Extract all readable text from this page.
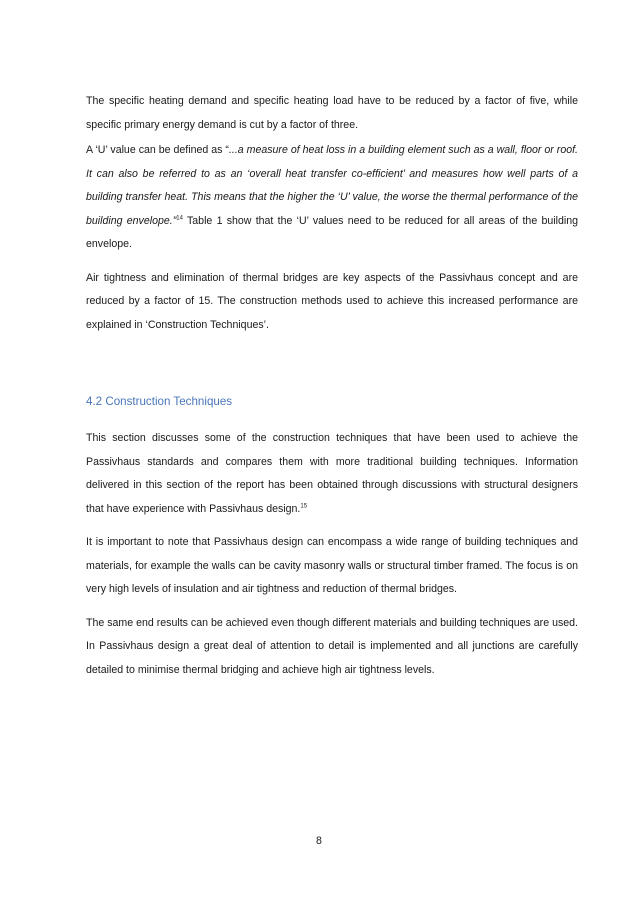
The specific heating demand and specific heating load have to be reduced by a factor of five, while specific primary energy demand is cut by a factor of three.

A ‘U’ value can be defined as “...a measure of heat loss in a building element such as a wall, floor or roof. It can also be referred to as an ‘overall heat transfer co-efficient’ and measures how well parts of a building transfer heat. This means that the higher the ‘U’ value, the worse the thermal performance of the building envelope.”$^{14}$ Table 1 show that the ‘U’ values need to be reduced for all areas of the building envelope.

Air tightness and elimination of thermal bridges are key aspects of the Passivhaus concept and are reduced by a factor of 15. The construction methods used to achieve this increased performance are explained in ‘Construction Techniques’.

4.2 Construction Techniques

This section discusses some of the construction techniques that have been used to achieve the Passivhaus standards and compares them with more traditional building techniques. Information delivered in this section of the report has been obtained through discussions with structural designers that have experience with Passivhaus design.$^{15}$

It is important to note that Passivhaus design can encompass a wide range of building techniques and materials, for example the walls can be cavity masonry walls or structural timber framed. The focus is on very high levels of insulation and air tightness and reduction of thermal bridges.

The same end results can be achieved even though different materials and building techniques are used. In Passivhaus design a great deal of attention to detail is implemented and all junctions are carefully detailed to minimise thermal bridging and achieve high air tightness levels.

8
